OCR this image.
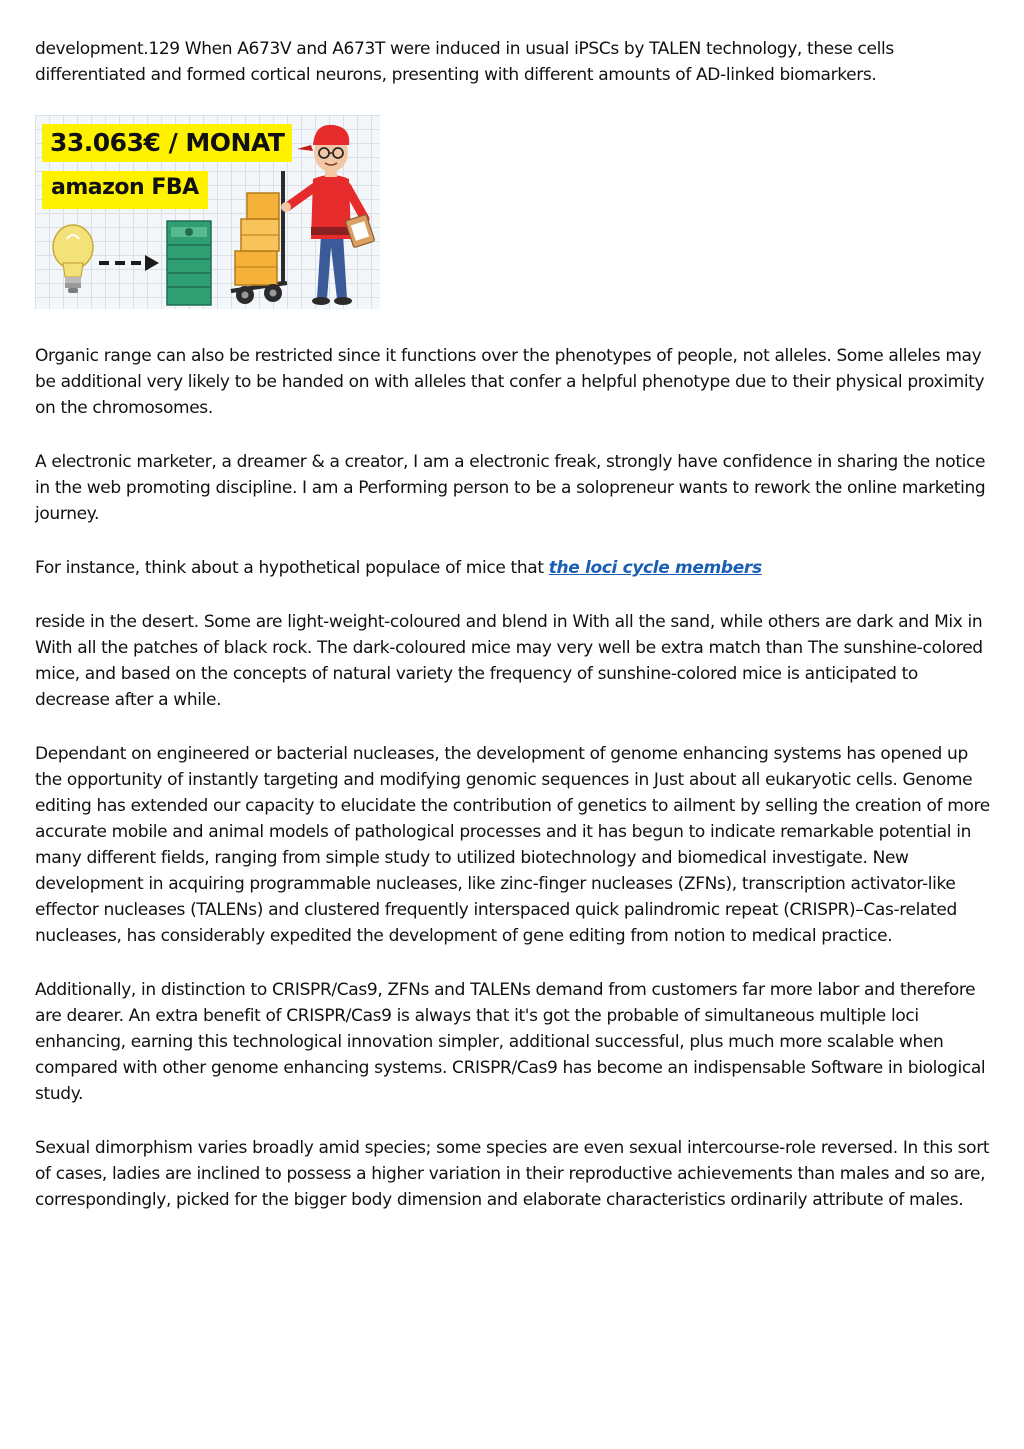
development.129 When A673V and A673T were induced in usual iPSCs by TALEN technology, these cells differentiated and formed cortical neurons, presenting with different amounts of AD-linked biomarkers.

33.063€ / MONAT
amazon FBA

Organic range can also be restricted since it functions over the phenotypes of people, not alleles. Some alleles may be additional very likely to be handed on with alleles that confer a helpful phenotype due to their physical proximity on the chromosomes.

A electronic marketer, a dreamer & a creator, I am a electronic freak, strongly have confidence in sharing the notice in the web promoting discipline. I am a Performing person to be a solopreneur wants to rework the online marketing journey.

For instance, think about a hypothetical populace of mice that the loci cycle members

reside in the desert. Some are light-weight-coloured and blend in With all the sand, while others are dark and Mix in With all the patches of black rock. The dark-coloured mice may very well be extra match than The sunshine-colored mice, and based on the concepts of natural variety the frequency of sunshine-colored mice is anticipated to decrease after a while.

Dependant on engineered or bacterial nucleases, the development of genome enhancing systems has opened up the opportunity of instantly targeting and modifying genomic sequences in Just about all eukaryotic cells. Genome editing has extended our capacity to elucidate the contribution of genetics to ailment by selling the creation of more accurate mobile and animal models of pathological processes and it has begun to indicate remarkable potential in many different fields, ranging from simple study to utilized biotechnology and biomedical investigate. New development in acquiring programmable nucleases, like zinc-finger nucleases (ZFNs), transcription activator-like effector nucleases (TALENs) and clustered frequently interspaced quick palindromic repeat (CRISPR)–Cas-related nucleases, has considerably expedited the development of gene editing from notion to medical practice.

Additionally, in distinction to CRISPR/Cas9, ZFNs and TALENs demand from customers far more labor and therefore are dearer. An extra benefit of CRISPR/Cas9 is always that it's got the probable of simultaneous multiple loci enhancing, earning this technological innovation simpler, additional successful, plus much more scalable when compared with other genome enhancing systems. CRISPR/Cas9 has become an indispensable Software in biological study.

Sexual dimorphism varies broadly amid species; some species are even sexual intercourse-role reversed. In this sort of cases, ladies are inclined to possess a higher variation in their reproductive achievements than males and so are, correspondingly, picked for the bigger body dimension and elaborate characteristics ordinarily attribute of males.
